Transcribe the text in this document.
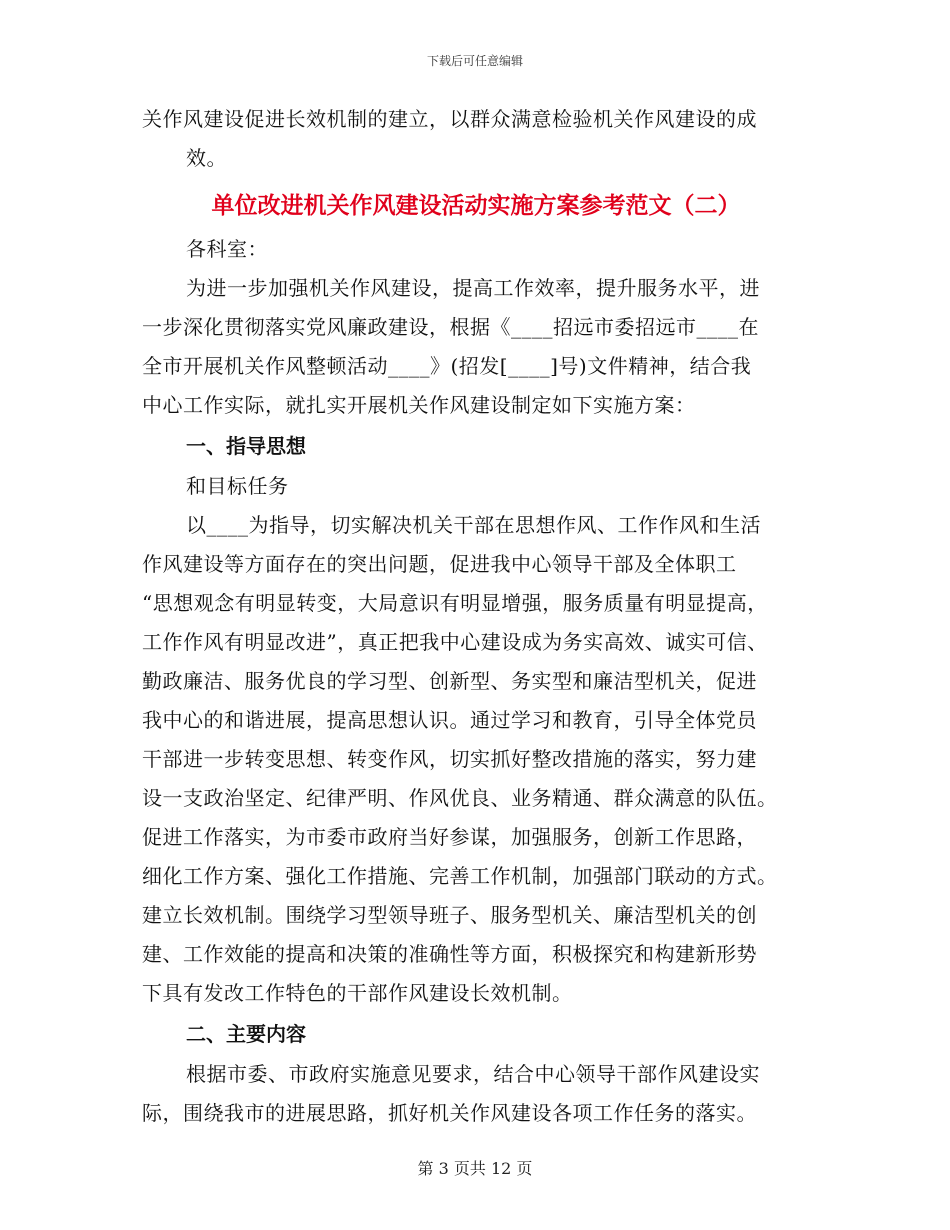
下载后可任意编辑
关作风建设促进长效机制的建立，以群众满意检验机关作风建设的成
效。
单位改进机关作风建设活动实施方案参考范文（二）
各科室：
为进一步加强机关作风建设，提高工作效率，提升服务水平，进
一步深化贯彻落实党风廉政建设，根据《____招远市委招远市____在
全市开展机关作风整顿活动____》(招发[____]号)文件精神，结合我
中心工作实际，就扎实开展机关作风建设制定如下实施方案：
一、指导思想
和目标任务
以____为指导，切实解决机关干部在思想作风、工作作风和生活
作风建设等方面存在的突出问题，促进我中心领导干部及全体职工
“思想观念有明显转变，大局意识有明显增强，服务质量有明显提高，
工作作风有明显改进”，真正把我中心建设成为务实高效、诚实可信、
勤政廉洁、服务优良的学习型、创新型、务实型和廉洁型机关，促进
我中心的和谐进展，提高思想认识。通过学习和教育，引导全体党员
干部进一步转变思想、转变作风，切实抓好整改措施的落实，努力建
设一支政治坚定、纪律严明、作风优良、业务精通、群众满意的队伍。
促进工作落实，为市委市政府当好参谋，加强服务，创新工作思路，
细化工作方案、强化工作措施、完善工作机制，加强部门联动的方式。
建立长效机制。围绕学习型领导班子、服务型机关、廉洁型机关的创
建、工作效能的提高和决策的准确性等方面，积极探究和构建新形势
下具有发改工作特色的干部作风建设长效机制。
二、主要内容
根据市委、市政府实施意见要求，结合中心领导干部作风建设实
际，围绕我市的进展思路，抓好机关作风建设各项工作任务的落实。
第 3 页共 12 页
